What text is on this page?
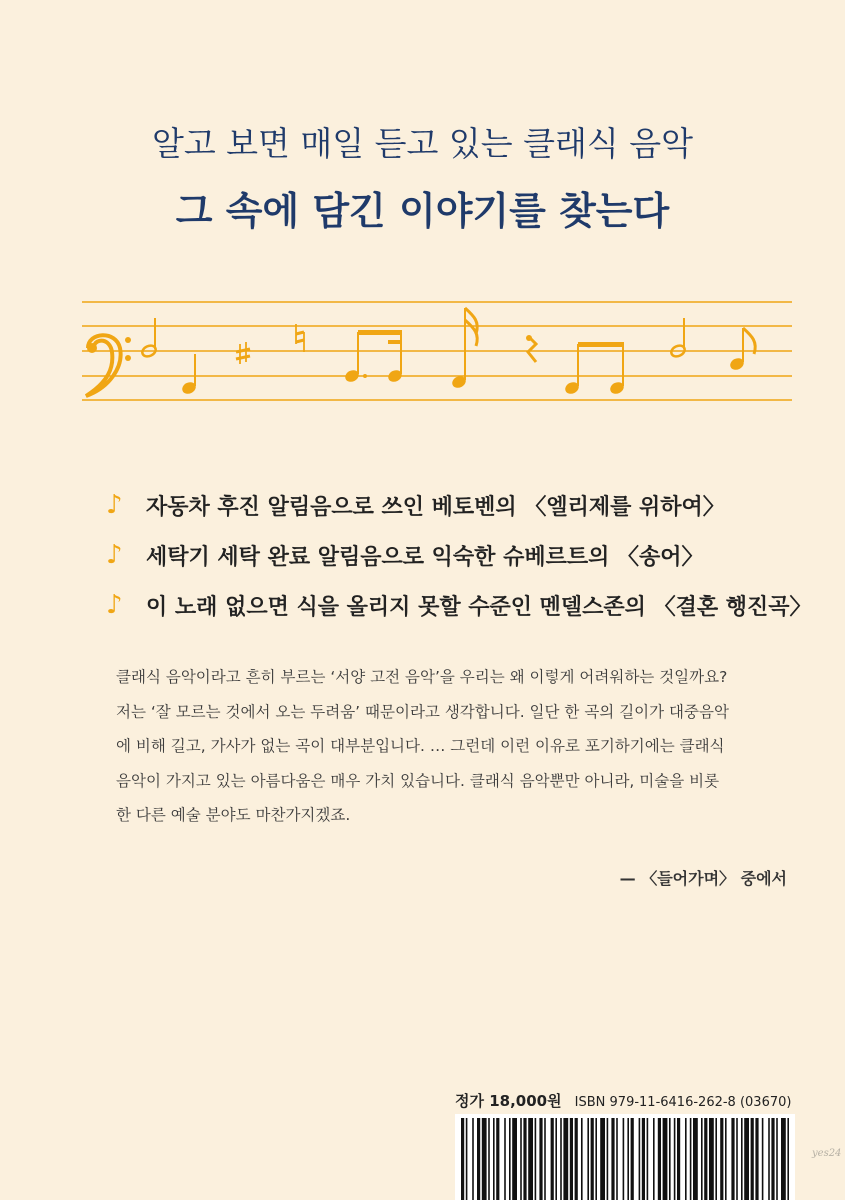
알고 보면 매일 듣고 있는 클래식 음악
그 속에 담긴 이야기를 찾는다
♪	자동차 후진 알림음으로 쓰인 베토벤의 〈엘리제를 위하여〉
♪	세탁기 세탁 완료 알림음으로 익숙한 슈베르트의 〈송어〉
♪	이 노래 없으면 식을 올리지 못할 수준인 멘델스존의 〈결혼 행진곡〉
클래식 음악이라고 흔히 부르는 ‘서양 고전 음악’을 우리는 왜 이렇게 어려워하는 것일까요?
저는 ‘잘 모르는 것에서 오는 두려움’ 때문이라고 생각합니다. 일단 한 곡의 길이가 대중음악
에 비해 길고, 가사가 없는 곡이 대부분입니다. … 그런데 이런 이유로 포기하기에는 클래식
음악이 가지고 있는 아름다움은 매우 가치 있습니다. 클래식 음악뿐만 아니라, 미술을 비롯
한 다른 예술 분야도 마찬가지겠죠.
— 〈들어가며〉 중에서
정가 18,000원 ISBN 979-11-6416-262-8 (03670)
yes24
